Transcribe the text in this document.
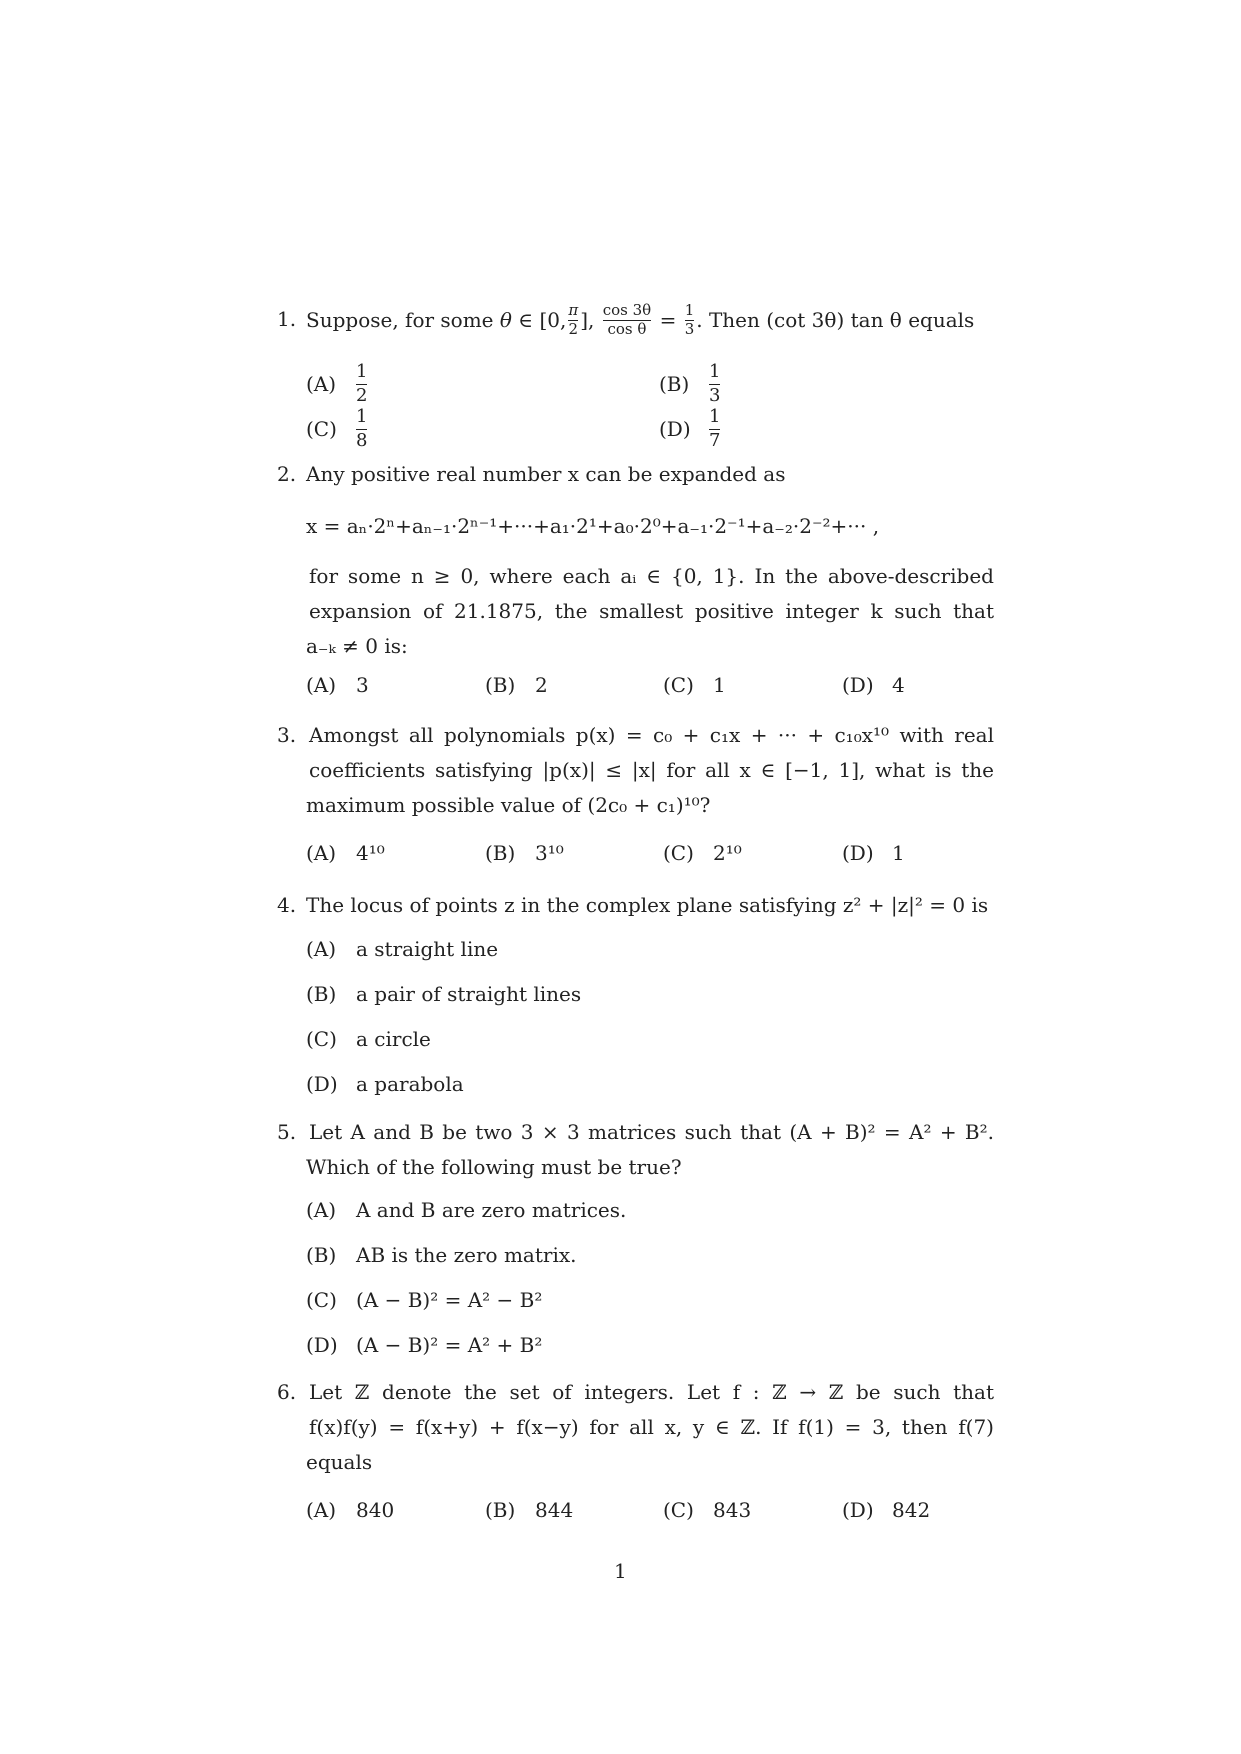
1. Suppose, for some
θ
∈ [0, $\frac{\pi}{2}$ ],
$\frac{\cos 3\theta}{\text{cos θ}}$
=
$\frac{1}{3}$ . Then (cot 3θ) tan θ equals
(A)
1
2	(B)
1
3
(C)
1
8	(D)
1
7
2. Any positive real number x can be expanded as
x = aₙ·2ⁿ+aₙ₋₁·2ⁿ⁻¹+···+a₁·2¹+a₀·2⁰+a₋₁·2⁻¹+a₋₂·2⁻²+··· ,
for some n ≥ 0, where each aᵢ ∈ {0, 1}. In the above-described
expansion of 21.1875, the smallest positive integer k such that
a₋ₖ ≠ 0 is:
(A) 3	(B) 2	(C) 1	(D) 4
3. Amongst all polynomials p(x) = c₀ + c₁x + ··· + c₁₀x¹⁰ with real
coefficients satisfying |p(x)| ≤ |x| for all x ∈ [−1, 1], what is the
maximum possible value of (2c₀ + c₁)¹⁰?
(A) 4¹⁰	(B) 3¹⁰	(C) 2¹⁰	(D) 1
4. The locus of points z in the complex plane satisfying z² + |z|² = 0 is
(A) a straight line
(B) a pair of straight lines
(C) a circle
(D) a parabola
5. Let A and B be two 3 × 3 matrices such that (A + B)² = A² + B².
Which of the following must be true?
(A) A and B are zero matrices.
(B) AB is the zero matrix.
(C) (A − B)² = A² − B²
(D) (A − B)² = A² + B²
6. Let ℤ denote the set of integers. Let f : ℤ → ℤ be such that
f(x)f(y) = f(x+y) + f(x−y) for all x, y ∈ ℤ. If f(1) = 3, then f(7)
equals
(A) 840	(B) 844	(C) 843	(D) 842
1
